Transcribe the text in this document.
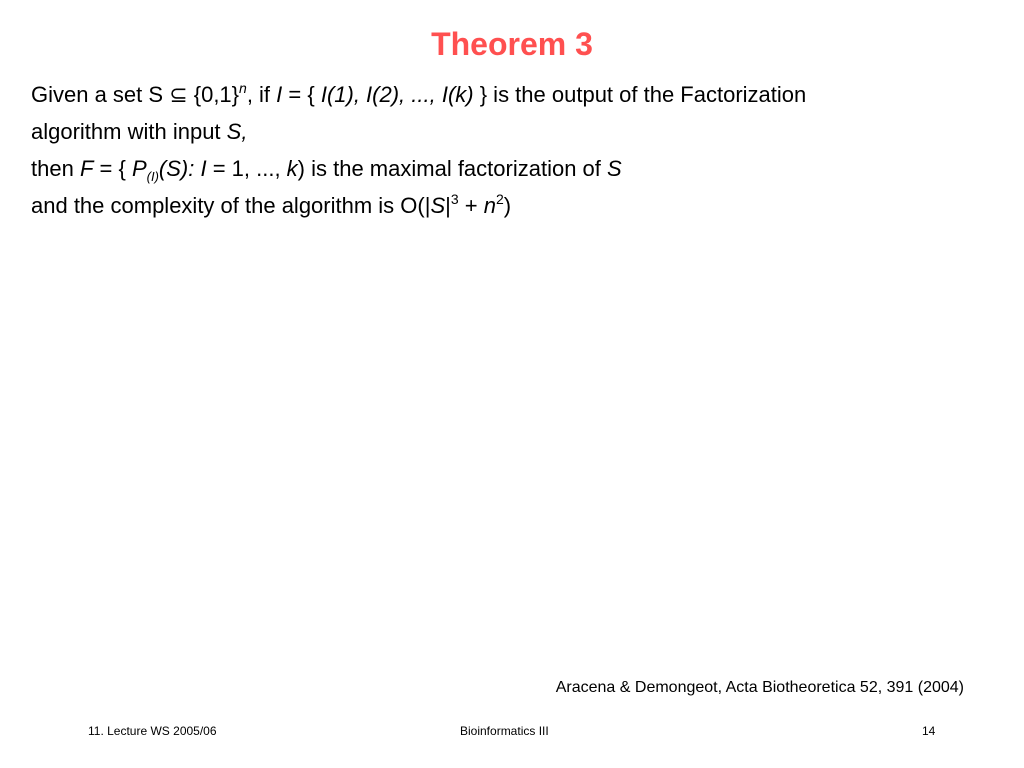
Theorem 3
Given a set S ⊆ $\{0,1\}^n$, if I = { I(1), I(2), ..., I(k) } is the output of the Factorization
algorithm with input S,
then F = { $P_{(I)}(S)$: I = 1, ..., k) is the maximal factorization of S
and the complexity of the algorithm is $O(|S|^3 + n^2)$
Aracena & Demongeot, Acta Biotheoretica 52, 391 (2004)
11. Lecture WS 2005/06	Bioinformatics III	14
